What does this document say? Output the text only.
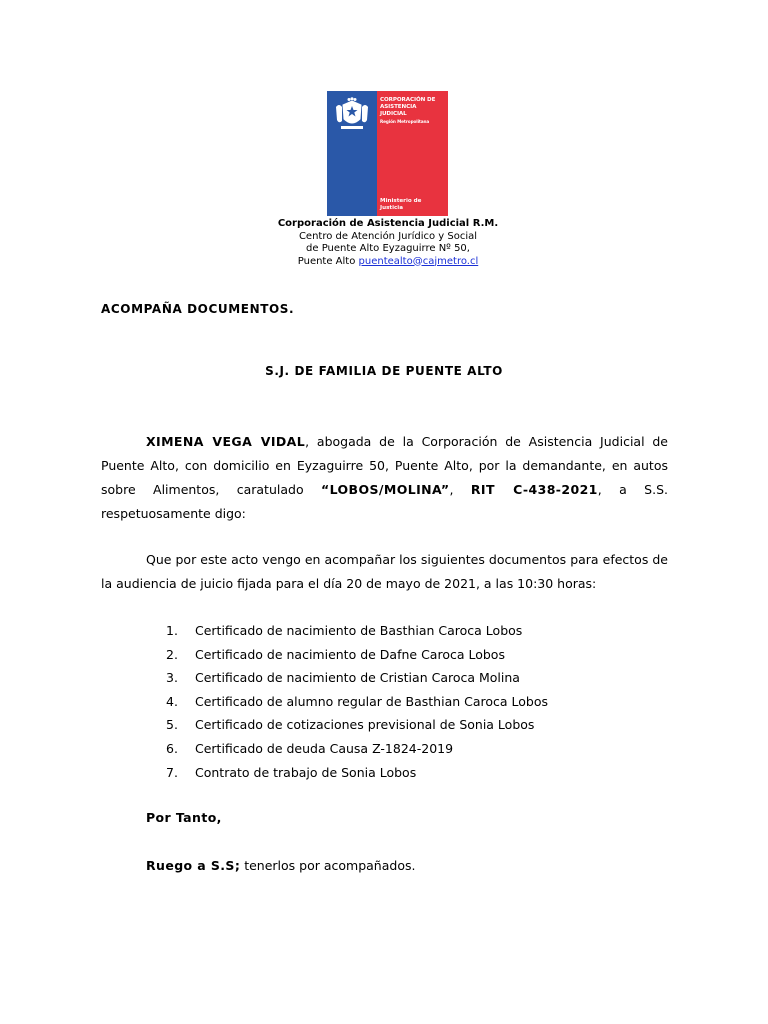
CORPORACIÓN DE
ASISTENCIA
JUDICIAL
Región Metropolitana
Ministerio de
Justicia
Corporación de Asistencia Judicial R.M.
Centro de Atención Jurídico y Social
de Puente Alto Eyzaguirre Nº 50,
Puente Alto puentealto@cajmetro.cl
ACOMPAÑA DOCUMENTOS.
S.J. DE FAMILIA DE PUENTE ALTO
XIMENA VEGA VIDAL, abogada de la Corporación de Asistencia Judicial de Puente Alto, con domicilio en Eyzaguirre 50, Puente Alto, por la demandante, en autos sobre Alimentos, caratulado “LOBOS/MOLINA”, RIT C-438-2021, a S.S. respetuosamente digo:
Que por este acto vengo en acompañar los siguientes documentos para efectos de la audiencia de juicio fijada para el día 20 de mayo de 2021, a las 10:30 horas:
1.	Certificado de nacimiento de Basthian Caroca Lobos
2.	Certificado de nacimiento de Dafne Caroca Lobos
3.	Certificado de nacimiento de Cristian Caroca Molina
4.	Certificado de alumno regular de Basthian Caroca Lobos
5.	Certificado de cotizaciones previsional de Sonia Lobos
6.	Certificado de deuda Causa Z-1824-2019
7.	Contrato de trabajo de Sonia Lobos
Por Tanto,
Ruego a S.S; tenerlos por acompañados.
